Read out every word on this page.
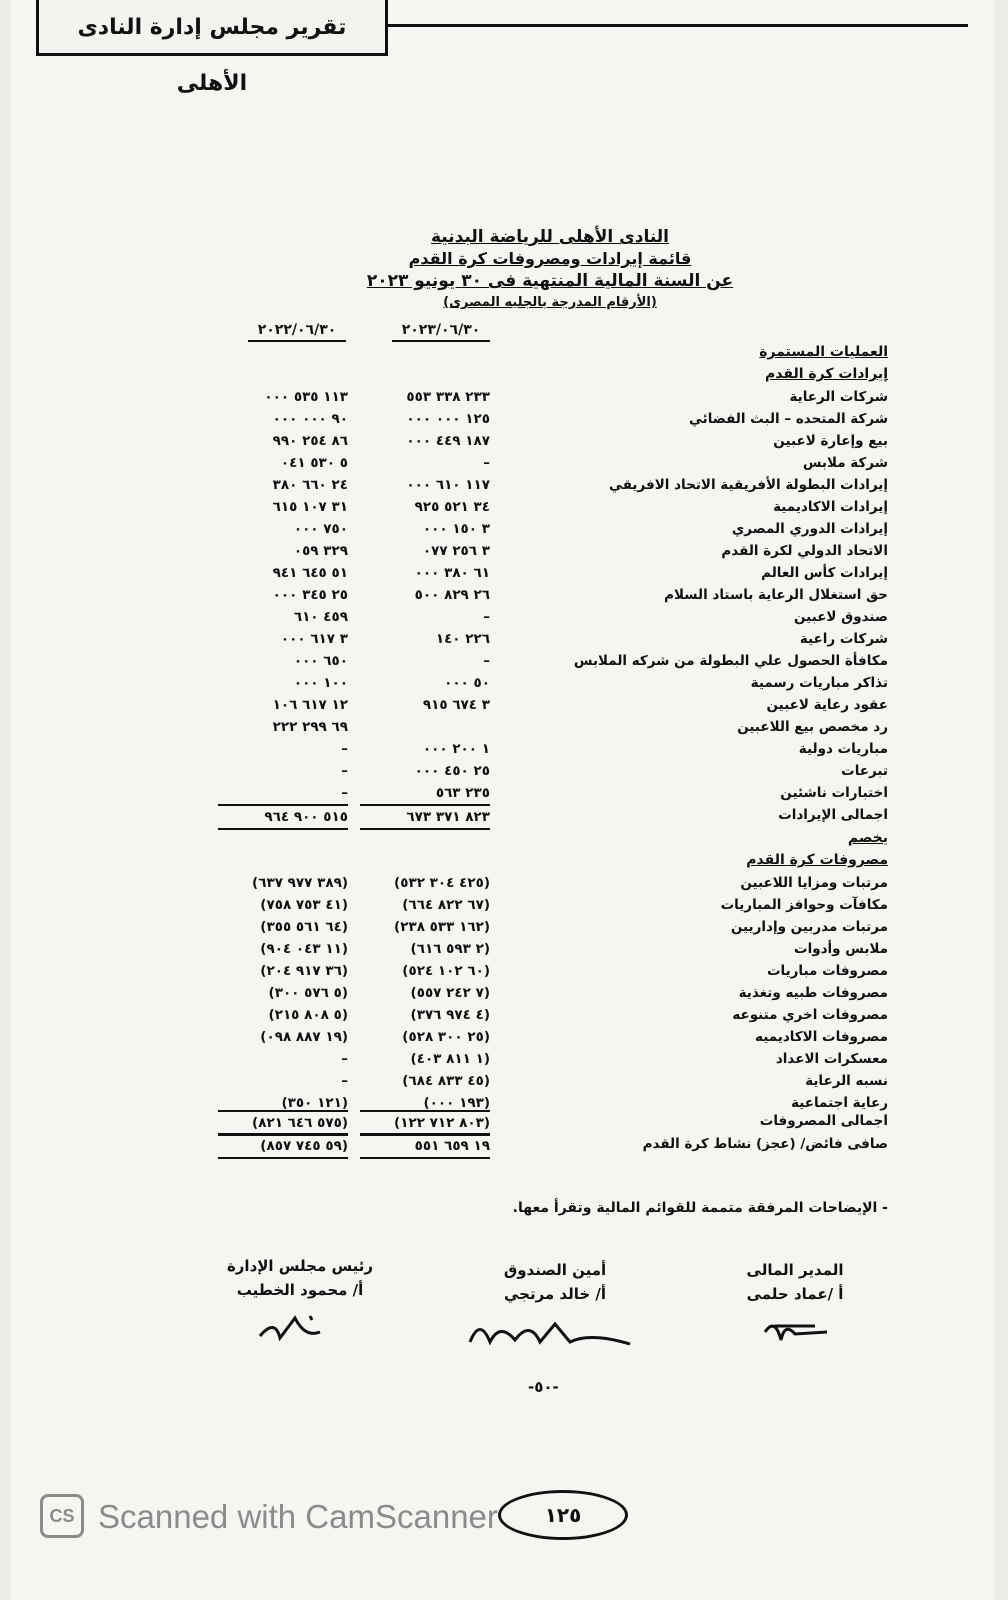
تقرير مجلس إدارة النادى الأهلى
النادى الأهلى للرياضة البدنية
قائمة إيرادات ومصروفات كرة القدم
عن السنة المالية المنتهية فى ٣٠ يونيو ٢٠٢٣
(الأرقام المدرجة بالجليه المصرى)
٢٠٢٣/٠٦/٣٠
٢٠٢٢/٠٦/٣٠
العمليات المستمرة
إيرادات كرة القدم
شركات الرعاية
٢٣٣ ٣٣٨ ٥٥٣
١١٣ ٥٣٥ ٠٠٠
شركة المتحده – البث الفضائي
١٢٥ ٠٠٠ ٠٠٠
٩٠ ٠٠٠ ٠٠٠
بيع وإعارة لاعبين
١٨٧ ٤٤٩ ٠٠٠
٨٦ ٢٥٤ ٩٩٠
شركة ملابس
–
٥ ٥٣٠ ٠٤١
إيرادات البطولة الأفريقية الاتحاد الافريقي
١١٧ ٦١٠ ٠٠٠
٢٤ ٦٦٠ ٣٨٠
إيرادات الاكاديمية
٣٤ ٥٢١ ٩٢٥
٣١ ١٠٧ ٦١٥
إيرادات الدوري المصري
٣ ١٥٠ ٠٠٠
٧٥٠ ٠٠٠
الاتحاد الدولي لكرة القدم
٣ ٢٥٦ ٠٧٧
٣٢٩ ٠٥٩
إيرادات كأس العالم
٦١ ٣٨٠ ٠٠٠
٥١ ٦٤٥ ٩٤١
حق استغلال الرعاية باستاد السلام
٢٦ ٨٢٩ ٥٠٠
٢٥ ٣٤٥ ٠٠٠
صندوق لاعبين
–
٤٥٩ ٦١٠
شركات راعية
٢٢٦ ١٤٠
٣ ٦١٧ ٠٠٠
مكافأة الحصول علي البطولة من شركه الملابس
–
٦٥٠ ٠٠٠
تذاكر مباريات رسمية
٥٠ ٠٠٠
١٠٠ ٠٠٠
عقود رعاية لاعبين
٣ ٦٧٤ ٩١٥
١٢ ٦١٧ ١٠٦
رد مخصص بيع اللاعبين
٦٩ ٢٩٩ ٢٢٢
مباريات دولية
١ ٢٠٠ ٠٠٠
–
تبرعات
٢٥ ٤٥٠ ٠٠٠
–
اختبارات ناشئين
٢٣٥ ٥٦٣
–
يخصم
مصروفات كرة القدم
مرتبات ومزايا اللاعبين
(٤٢٥ ٣٠٤ ٥٣٢)
(٣٨٩ ٩٧٧ ٦٣٧)
مكافآت وحوافز المباريات
(٦٧ ٨٢٢ ٦٦٤)
(٤١ ٧٥٣ ٧٥٨)
مرتبات مدربين وإداريين
(١٦٢ ٥٣٣ ٢٣٨)
(٦٤ ٥٦١ ٣٥٥)
ملابس وأدوات
(٢ ٥٩٣ ٦١٦)
(١١ ٠٤٣ ٩٠٤)
مصروفات مباريات
(٦٠ ١٠٢ ٥٢٤)
(٣٦ ٩١٧ ٢٠٤)
مصروفات طبيه وتغذية
(٧ ٢٤٢ ٥٥٧)
(٥ ٥٧٦ ٣٠٠)
مصروفات اخري متنوعه
(٤ ٩٧٤ ٣٧٦)
(٥ ٨٠٨ ٢١٥)
مصروفات الاكاديميه
(٢٥ ٣٠٠ ٥٢٨)
(١٩ ٨٨٧ ٠٩٨)
معسكرات الاعداد
(١ ٨١١ ٤٠٣)
–
نسبه الرعاية
(٤٥ ٨٣٣ ٦٨٤)
–
رعاية اجتماعية
(١٩٣ ٠٠٠)
(١٢١ ٣٥٠)
- الإيضاحات المرفقة متممة للقوائم المالية وتقرأ معها.
المدير المالى
أ /عماد حلمى
أمين الصندوق
أ/ خالد مرتجي
رئيس مجلس الإدارة
أ/ محمود الخطيب
-٥٠-
CS Scanned with CamScanner	١٢٥
اجمالى الإيرادات
٨٢٣ ٣٧١ ٦٧٣
٥١٥ ٩٠٠ ٩٦٤
اجمالى المصروفات
(٨٠٣ ٧١٢ ١٢٢)
(٥٧٥ ٦٤٦ ٨٢١)
صافى فائض/ (عجز) نشاط كرة القدم
١٩ ٦٥٩ ٥٥١
(٥٩ ٧٤٥ ٨٥٧)
